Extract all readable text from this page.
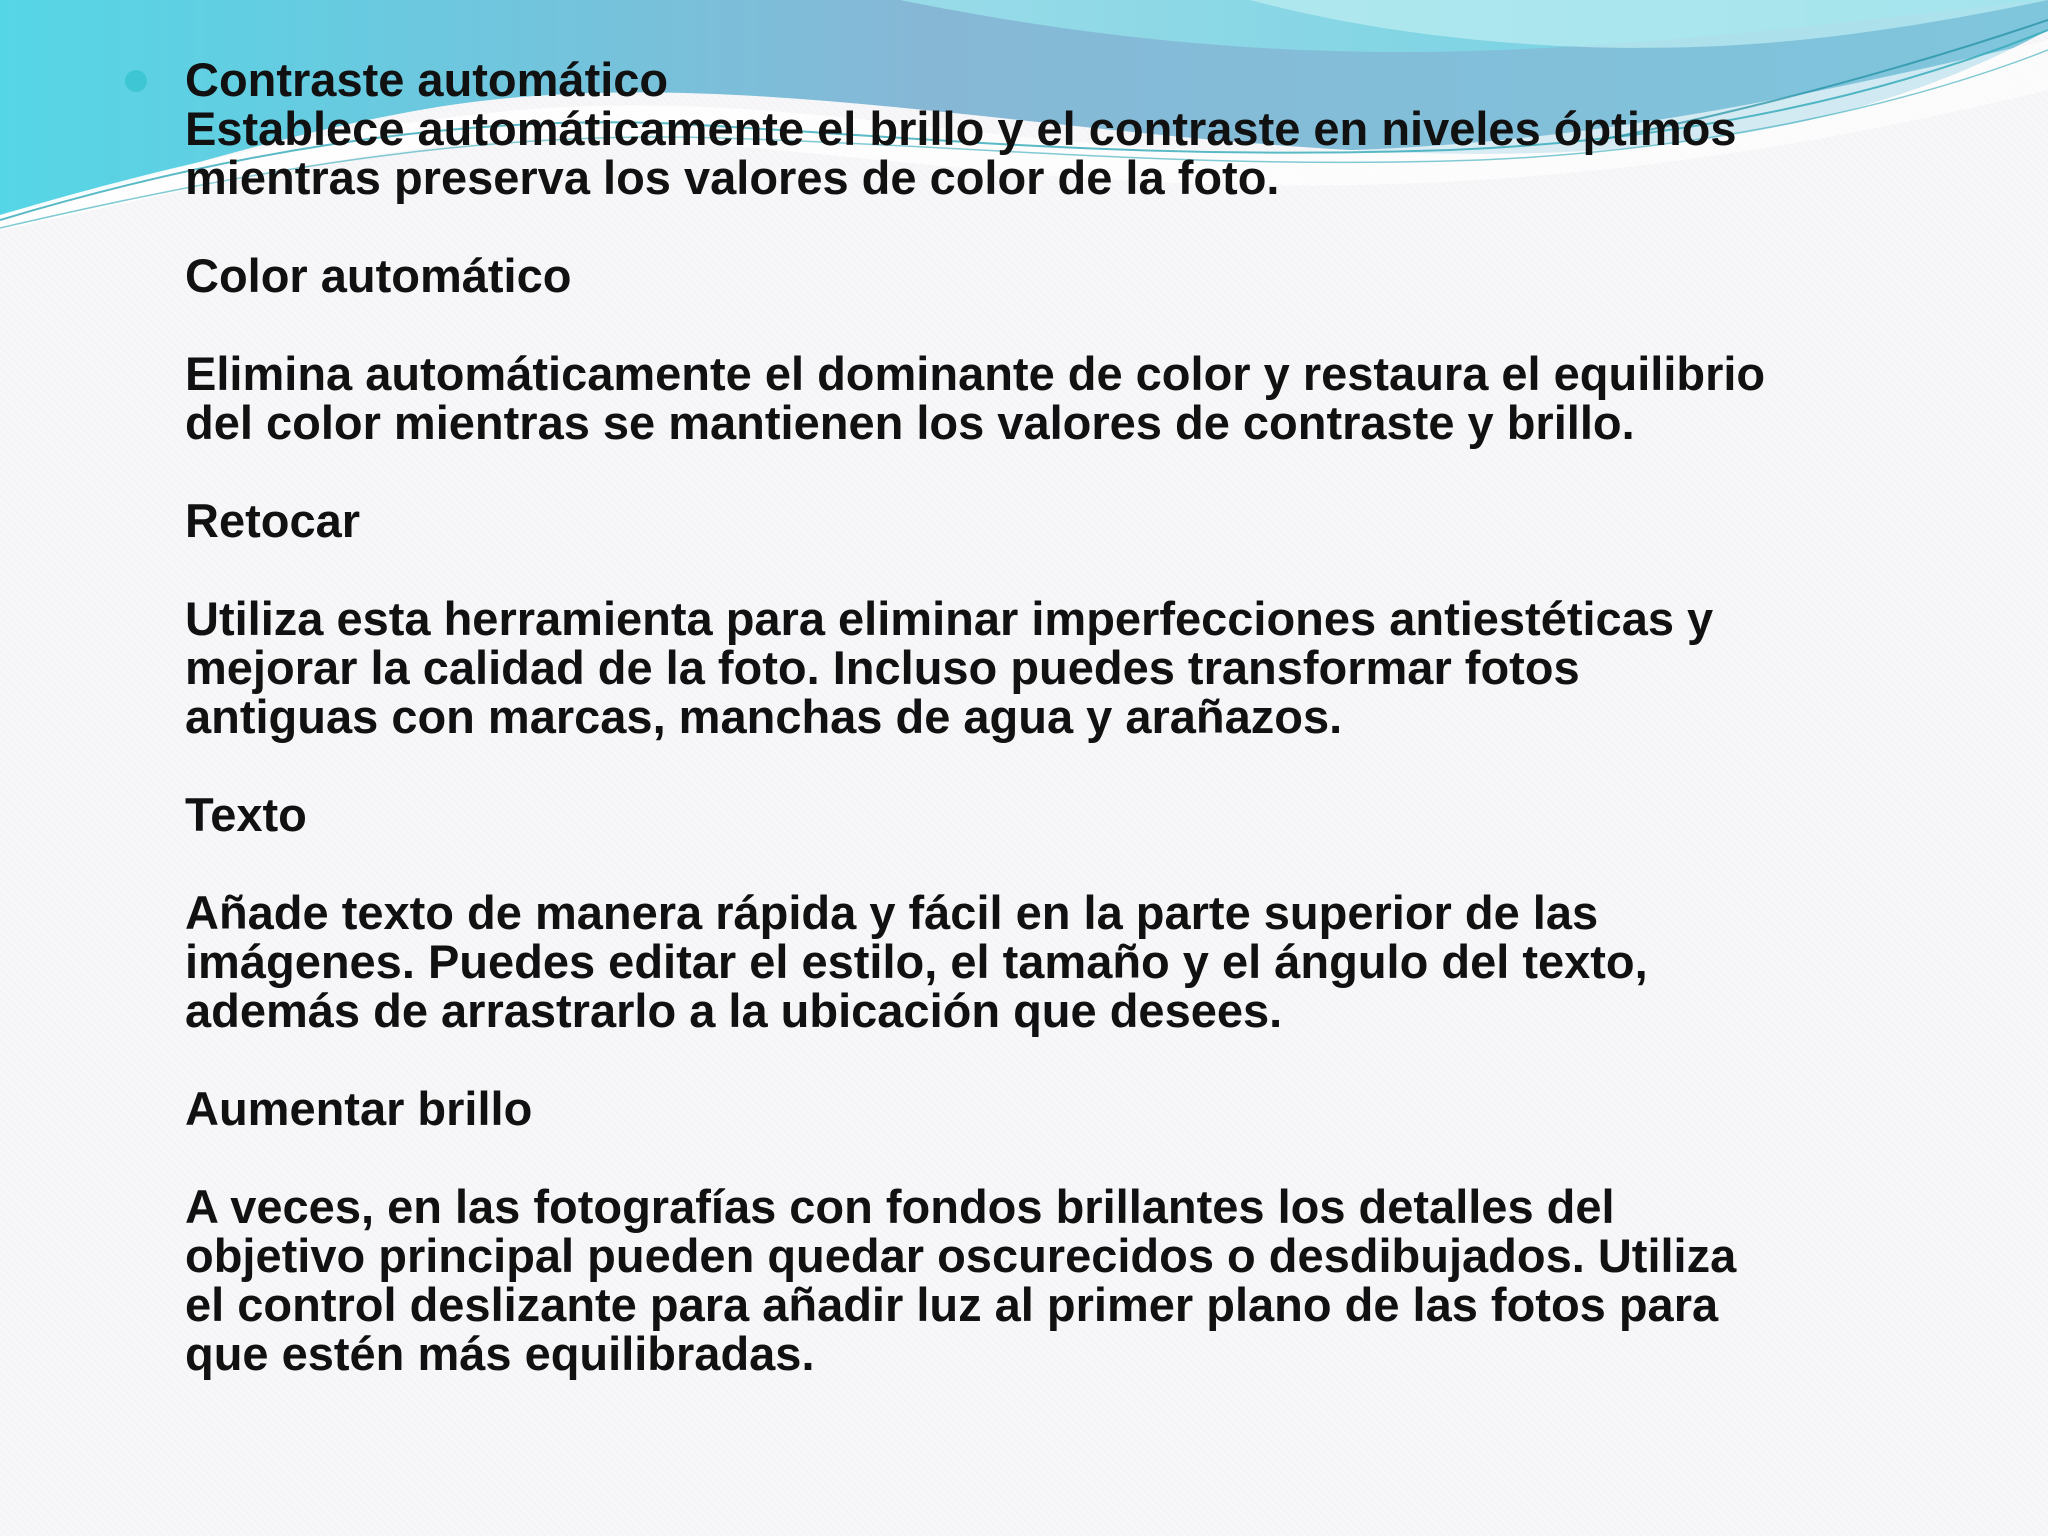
Contraste automático
Establece automáticamente el brillo y el contraste en niveles óptimos
mientras preserva los valores de color de la foto.
Color automático
Elimina automáticamente el dominante de color y restaura el equilibrio
del color mientras se mantienen los valores de contraste y brillo.
Retocar
Utiliza esta herramienta para eliminar imperfecciones antiestéticas y
mejorar la calidad de la foto. Incluso puedes transformar fotos
antiguas con marcas, manchas de agua y arañazos.
Texto
Añade texto de manera rápida y fácil en la parte superior de las
imágenes. Puedes editar el estilo, el tamaño y el ángulo del texto,
además de arrastrarlo a la ubicación que desees.
Aumentar brillo
A veces, en las fotografías con fondos brillantes los detalles del
objetivo principal pueden quedar oscurecidos o desdibujados. Utiliza
el control deslizante para añadir luz al primer plano de las fotos para
que estén más equilibradas.
